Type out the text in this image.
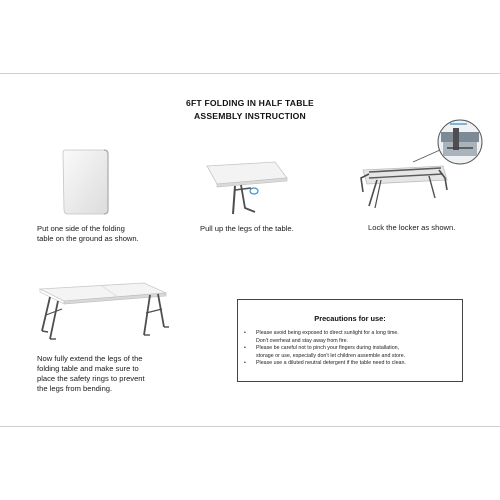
6FT FOLDING IN HALF TABLE
ASSEMBLY INSTRUCTION
Put one side of the folding
table on the ground as shown.
Pull up the legs of the table.	Lock the locker as shown.
Now fully extend the legs of the
folding table and make sure to
place the safety rings to prevent
the legs from bending.
Precautions for use:
• Please avoid being exposed to direct sunlight for a long time.
Don't overheat and stay away from fire.
• Please be careful not to pinch your fingers during installation,
storage or use, especially don't let children assemble and store.
• Please use a diluted neutral detergent if the table need to clean.
